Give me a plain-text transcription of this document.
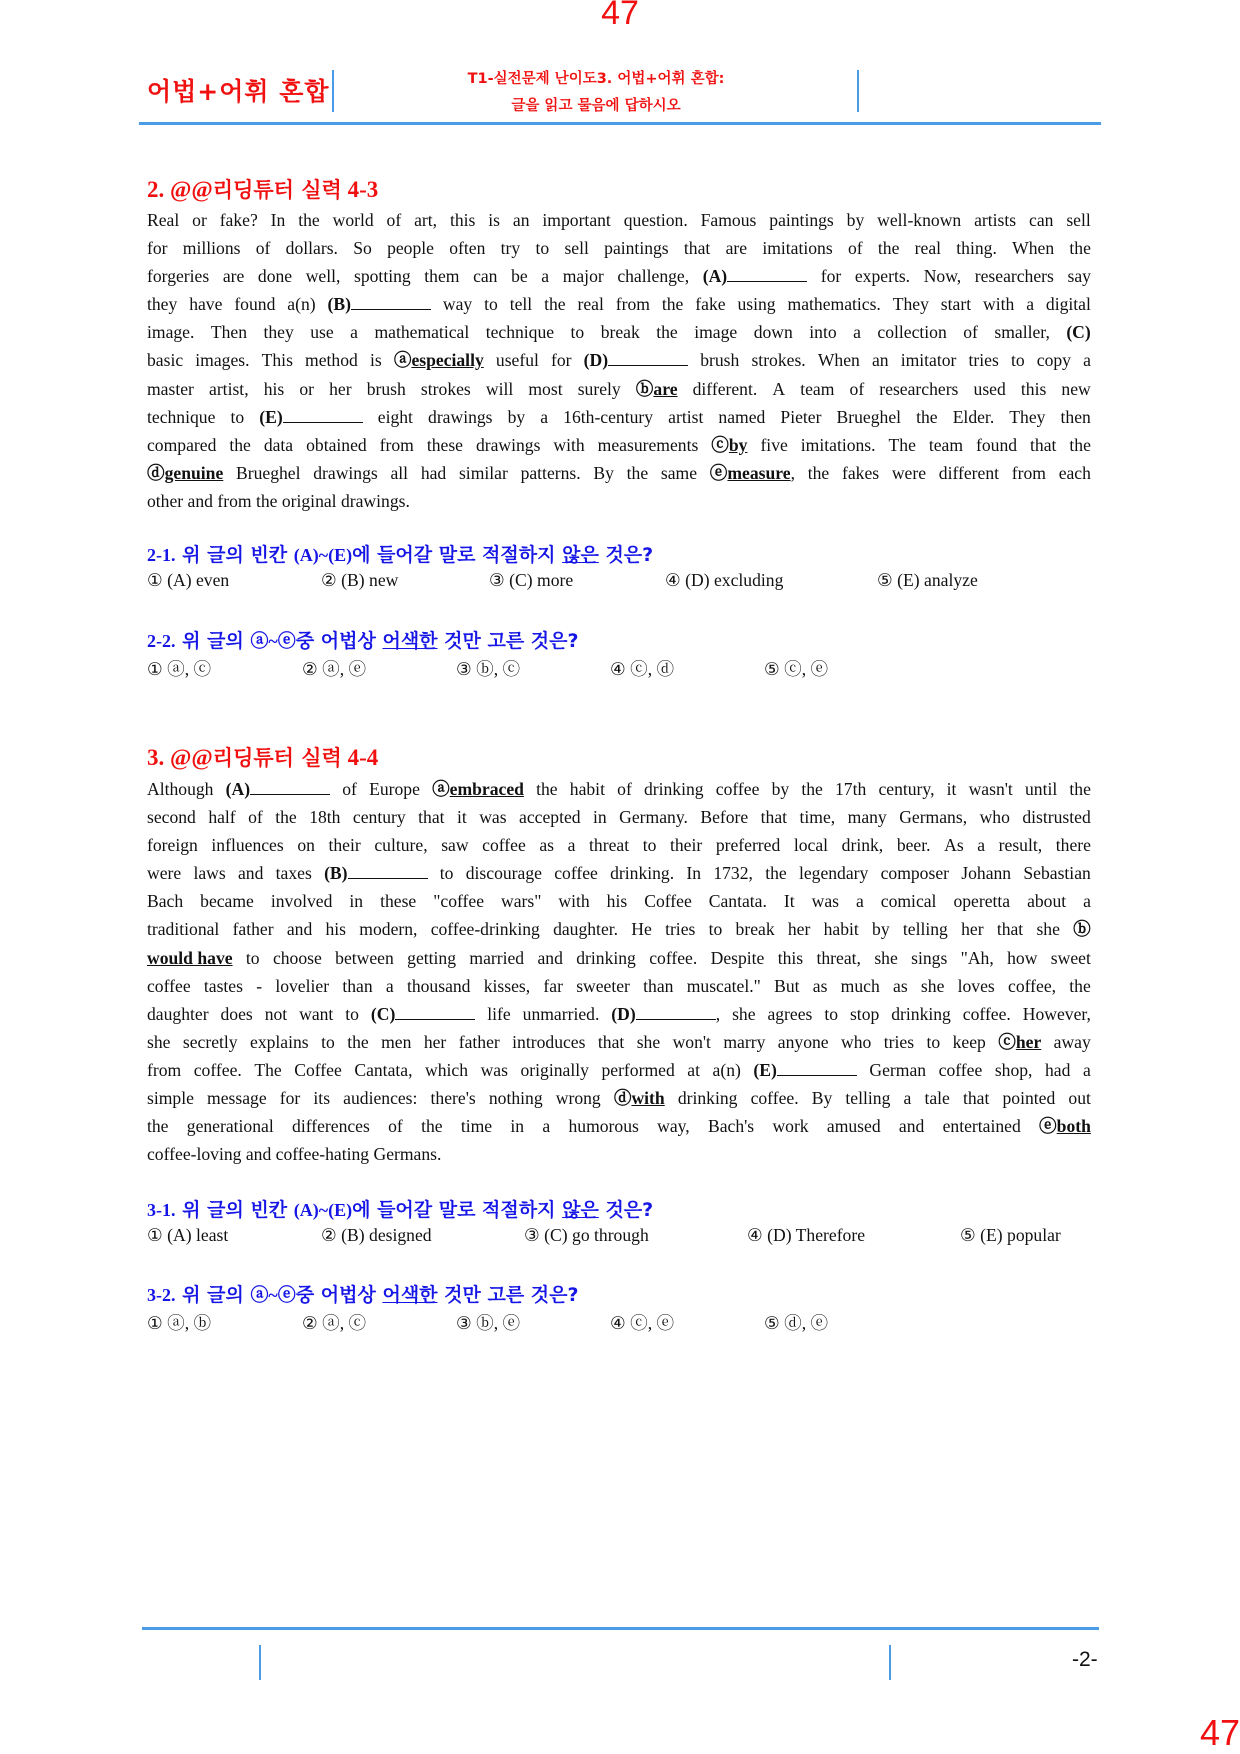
47
어법+어휘 혼합	T1-실전문제 난이도3. 어법+어휘 혼합:
글을 읽고 물음에 답하시오
2. @@리딩튜터 실력 4-3
Real or fake? In the world of art, this is an important question. Famous paintings by well-known artists can sell
for millions of dollars. So people often try to sell paintings that are imitations of the real thing. When the
forgeries are done well, spotting them can be a major challenge, (A)	for experts. Now, researchers say
they have found a(n) (B)	way to tell the real from the fake using mathematics. They start with a digital
image. Then they use a mathematical technique to break the image down into a collection of smaller, (C)
basic images. This method is ⓐespecially useful for (D)	brush strokes. When an imitator tries to copy a
master artist, his or her brush strokes will most surely ⓑare different. A team of researchers used this new
technique to (E)	eight drawings by a 16th-century artist named Pieter Brueghel the Elder. They then
compared the data obtained from these drawings with measurements ⓒby five imitations. The team found that the
ⓓgenuine Brueghel drawings all had similar patterns. By the same ⓔmeasure, the fakes were different from each
other and from the original drawings.
2-1. 위 글의 빈칸 (A)~(E)에 들어갈 말로 적절하지 않은 것은?
① (A) even	② (B) new	③ (C) more	④ (D) excluding	⑤ (E) analyze
2-2. 위 글의 ⓐ~ⓔ중 어법상 어색한 것만 고른 것은?
① ⓐ, ⓒ	② ⓐ, ⓔ	③ ⓑ, ⓒ	④ ⓒ, ⓓ	⑤ ⓒ, ⓔ
3. @@리딩튜터 실력 4-4
Although (A)	of Europe ⓐembraced the habit of drinking coffee by the 17th century, it wasn't until the
second half of the 18th century that it was accepted in Germany. Before that time, many Germans, who distrusted
foreign influences on their culture, saw coffee as a threat to their preferred local drink, beer. As a result, there
were laws and taxes (B)	to discourage coffee drinking. In 1732, the legendary composer Johann Sebastian
Bach became involved in these "coffee wars" with his Coffee Cantata. It was a comical operetta about a
traditional father and his modern, coffee-drinking daughter. He tries to break her habit by telling her that she ⓑ
would have to choose between getting married and drinking coffee. Despite this threat, she sings "Ah, how sweet
coffee tastes - lovelier than a thousand kisses, far sweeter than muscatel." But as much as she loves coffee, the
daughter does not want to (C)	life unmarried. (D)	, she agrees to stop drinking coffee. However,
she secretly explains to the men her father introduces that she won't marry anyone who tries to keep ⓒher away
from coffee. The Coffee Cantata, which was originally performed at a(n) (E)	German coffee shop, had a
simple message for its audiences: there's nothing wrong ⓓwith drinking coffee. By telling a tale that pointed out
the generational differences of the time in a humorous way, Bach's work amused and entertained ⓔboth
coffee-loving and coffee-hating Germans.
3-1. 위 글의 빈칸 (A)~(E)에 들어갈 말로 적절하지 않은 것은?
① (A) least	② (B) designed	③ (C) go through	④ (D) Therefore	⑤ (E) popular
3-2. 위 글의 ⓐ~ⓔ중 어법상 어색한 것만 고른 것은?
① ⓐ, ⓑ	② ⓐ, ⓒ	③ ⓑ, ⓔ	④ ⓒ, ⓔ	⑤ ⓓ, ⓔ
-2-
47
